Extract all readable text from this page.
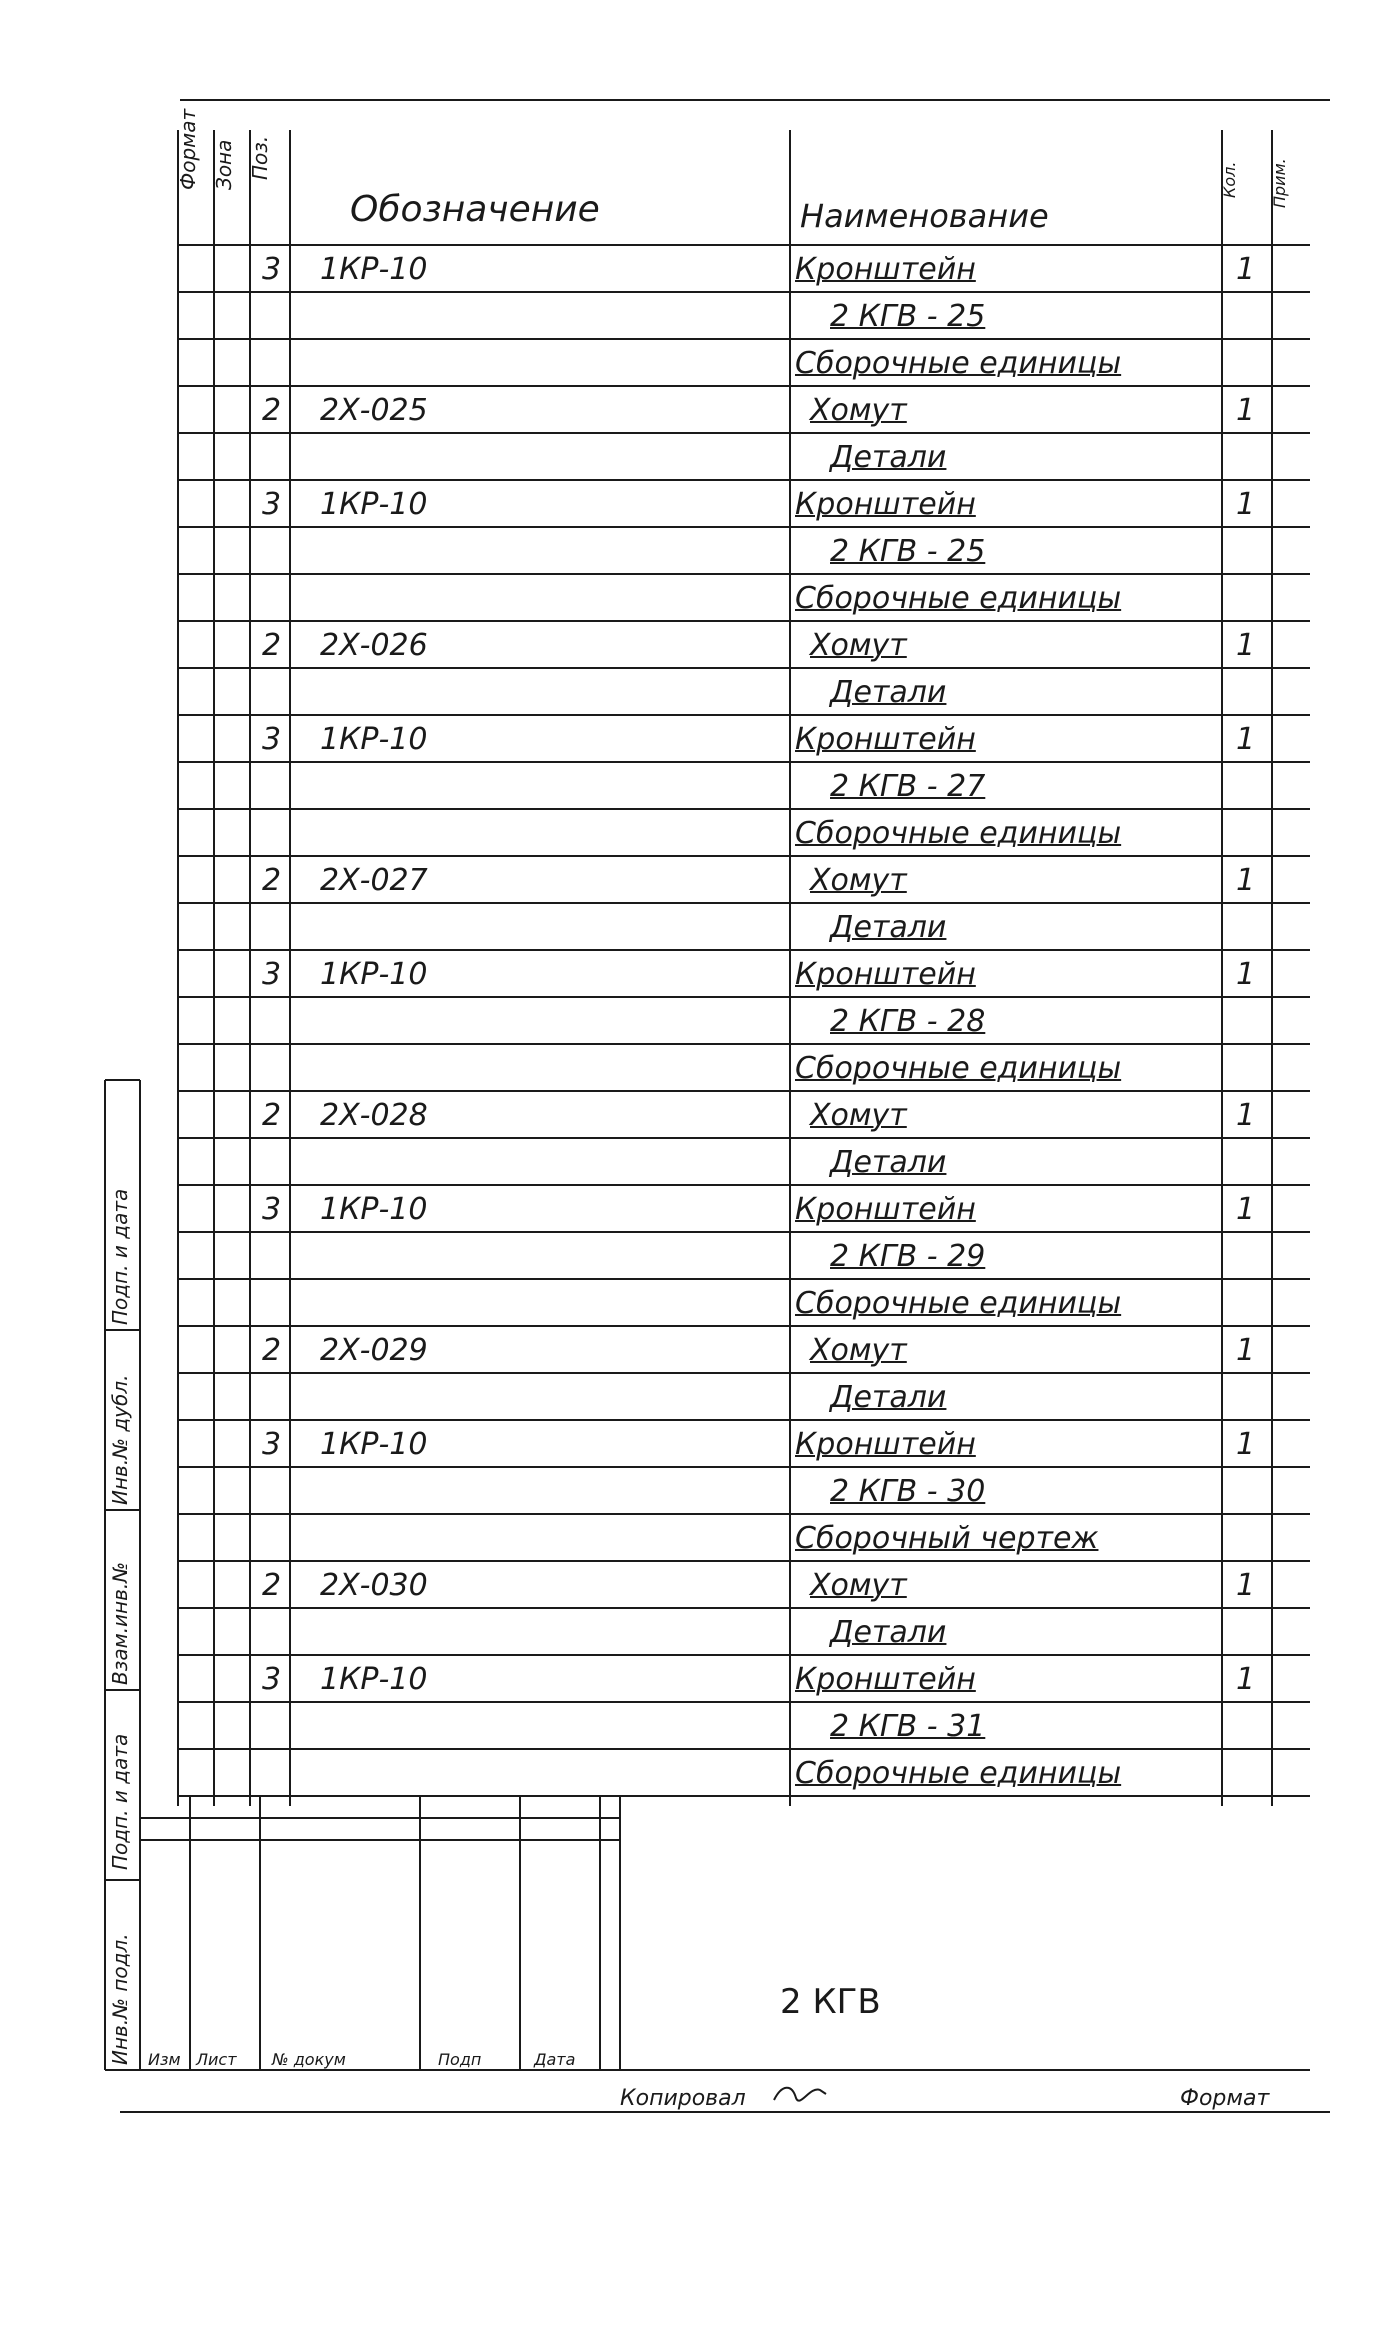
Формат Зона Поз.
Обозначение	Наименование
Кол. Прим.
3 1КР-10	Кронштейн	1
2 КГВ - 25
Сборочные единицы
2 2Х-025	Хомут	1
Детали
3 1КР-10	Кронштейн	1
2 КГВ - 25
Сборочные единицы
2 2Х-026	Хомут	1
Детали
3 1КР-10	Кронштейн	1
2 КГВ - 27
Сборочные единицы
2 2Х-027	Хомут	1
Детали
3 1КР-10	Кронштейн	1
2 КГВ - 28
Сборочные единицы
2 2Х-028	Хомут	1
Детали
3 1КР-10	Кронштейн	1
2 КГВ - 29
Сборочные единицы
2 2Х-029	Хомут	1
Детали
3 1КР-10	Кронштейн	1
2 КГВ - 30
Сборочный чертеж
2 2Х-030	Хомут	1
Детали
3 1КР-10	Кронштейн	1
2 КГВ - 31
Сборочные единицы
Инв.№ подл.
Подп. и дата
Взам.инв.№
Инв.№ дубл.
Подп. и дата
2 КГВ
Изм Лист № докум	Подп	Дата
Копировал	Формат
